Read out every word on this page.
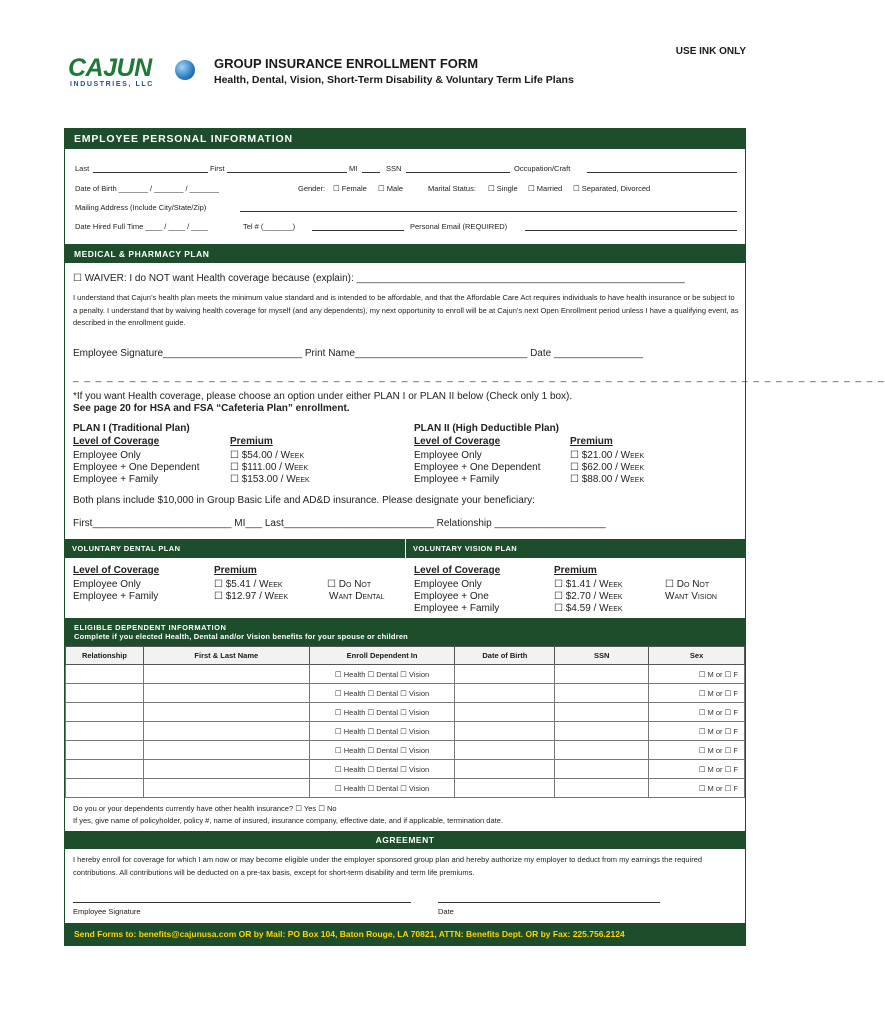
CAJUN
INDUSTRIES, LLC
USE INK ONLY
GROUP INSURANCE ENROLLMENT FORM
Health, Dental, Vision, Short-Term Disability & Voluntary Term Life Plans
EMPLOYEE PERSONAL INFORMATION
Last	First	MI	SSN	Occupation/Craft
Date of Birth _______ / _______ / _______	Gender: ☐ Female ☐ Male	Marital Status: ☐ Single ☐ Married ☐ Separated, Divorced
Mailing Address (Include City/State/Zip)
Date Hired Full Time ____ / ____ / ____	Tel # (_______)	Personal Email (REQUIRED)
MEDICAL & PHARMACY PLAN
☐ WAIVER: I do NOT want Health coverage because (explain): ___________________________________________________________
I understand that Cajun’s health plan meets the minimum value standard and is intended to be affordable, and that the Affordable Care Act requires individuals to have health insurance or be subject to a penalty. I understand that by waiving health coverage for myself (and any dependents), my next opportunity to enroll will be at Cajun’s next Open Enrollment period unless I have a qualifying event, as described in the enrollment guide.
Employee Signature_________________________ Print Name_______________________________ Date ________________
_ _ _ _ _ _ _ _ _ _ _ _ _ _ _ _ _ _ _ _ _ _ _ _ _ _ _ _ _ _ _ _ _ _ _ _ _ _ _ _ _ _ _ _ _ _ _ _ _ _ _ _ _ _ _ _ _ _ _ _ _ _ _ _ _ _ _ _ _ _ _ _
*If you want Health coverage, please choose an option under either PLAN I or PLAN II below (Check only 1 box).
See page 20 for HSA and FSA “Cafeteria Plan” enrollment.
PLAN I (Traditional Plan)
Level of Coverage	Premium
Employee Only	☐ $54.00 / Week
Employee + One Dependent	☐ $111.00 / Week
Employee + Family	☐ $153.00 / Week
PLAN II (High Deductible Plan)
Level of Coverage	Premium
Employee Only	☐ $21.00 / Week
Employee + One Dependent	☐ $62.00 / Week
Employee + Family	☐ $88.00 / Week
Both plans include $10,000 in Group Basic Life and AD&D insurance. Please designate your beneficiary:
First_________________________ MI___ Last___________________________ Relationship ____________________
VOLUNTARY DENTAL PLAN	VOLUNTARY VISION PLAN
Level of Coverage	Premium
Employee Only	☐ $5.41 / Week
Employee + Family	☐ $12.97 / Week
☐ Do Not
Want Dental
Level of Coverage	Premium
Employee Only	☐ $1.41 / Week
Employee + One	☐ $2.70 / Week
Employee + Family	☐ $4.59 / Week
☐ Do Not
Want Vision
ELIGIBLE DEPENDENT INFORMATION
Complete if you elected Health, Dental and/or Vision benefits for your spouse or children
Relationship	First & Last Name	Enroll Dependent In	Date of Birth	SSN	Sex
		☐ Health ☐ Dental ☐ Vision			☐ M or ☐ F
		☐ Health ☐ Dental ☐ Vision			☐ M or ☐ F
		☐ Health ☐ Dental ☐ Vision			☐ M or ☐ F
		☐ Health ☐ Dental ☐ Vision			☐ M or ☐ F
		☐ Health ☐ Dental ☐ Vision			☐ M or ☐ F
		☐ Health ☐ Dental ☐ Vision			☐ M or ☐ F
		☐ Health ☐ Dental ☐ Vision			☐ M or ☐ F
Do you or your dependents currently have other health insurance? ☐ Yes ☐ No
If yes, give name of policyholder, policy #, name of insured, insurance company, effective date, and if applicable, termination date.
AGREEMENT
I hereby enroll for coverage for which I am now or may become eligible under the employer sponsored group plan and hereby authorize my employer to deduct from my earnings the required contributions. All contributions will be deducted on a pre-tax basis, except for short-term disability and term life premiums.
Employee Signature	Date
Send Forms to: benefits@cajunusa.com OR by Mail: PO Box 104, Baton Rouge, LA 70821, ATTN: Benefits Dept. OR by Fax: 225.756.2124
